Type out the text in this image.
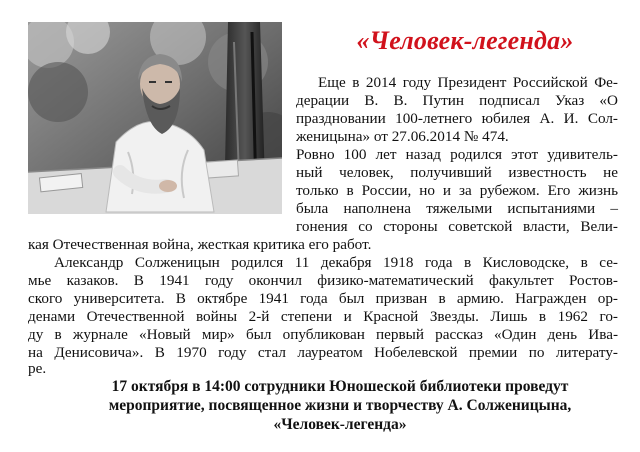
«Человек-легенда»
Еще в 2014 году Президент Российской Фе-
дерации В. В. Путин подписал Указ «О
праздновании 100-летнего юбилея А. И. Сол-
женицына» от 27.06.2014 № 474.
Ровно 100 лет назад родился этот удивитель-
ный человек, получивший известность не
только в России, но и за рубежом. Его жизнь
была наполнена тяжелыми испытаниями –
гонения со стороны советской власти, Вели-
кая Отечественная война, жесткая критика его работ.
Александр Солженицын родился 11 декабря 1918 года в Кисловодске, в се-
мье казаков. В 1941 году окончил физико-математический факультет Ростов-
ского университета. В октябре 1941 года был призван в армию. Награжден ор-
денами Отечественной войны 2-й степени и Красной Звезды. Лишь в 1962 го-
ду в журнале «Новый мир» был опубликован первый рассказ «Один день Ива-
на Денисовича». В 1970 году стал лауреатом Нобелевской премии по литерату-
ре.
17 октября в 14:00 сотрудники Юношеской библиотеки проведут
мероприятие, посвященное жизни и творчеству А. Солженицына,
«Человек-легенда»
